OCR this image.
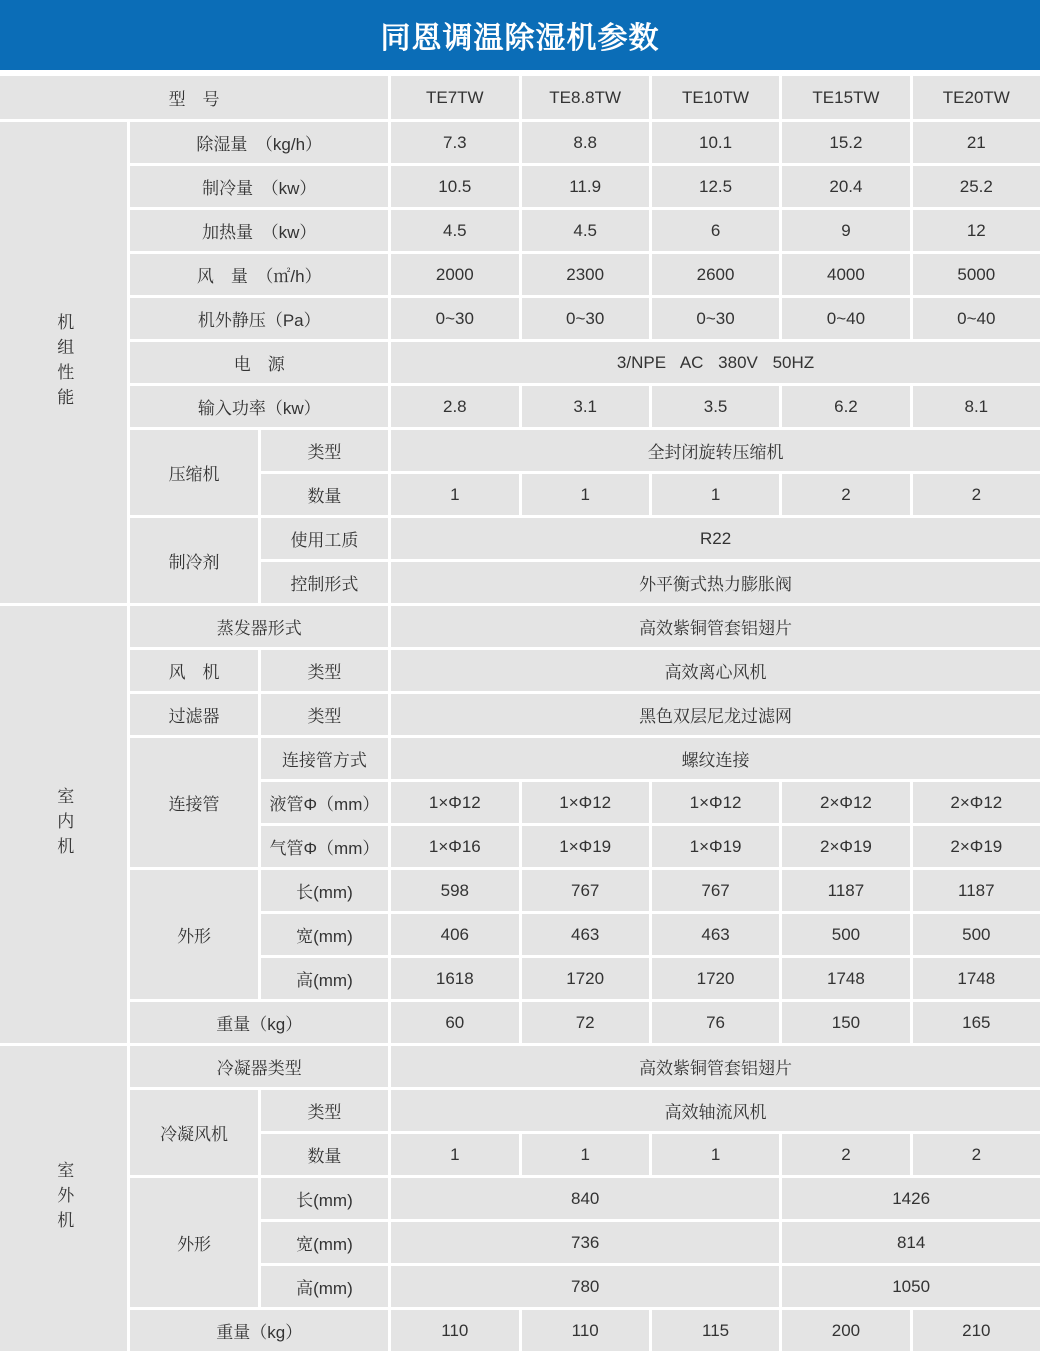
同恩调温除湿机参数
型　号			TE7TW	TE8.8TW	TE10TW	TE15TW	TE20TW

机组性能	除湿量　（kg/h）		7.3	8.8	10.1	15.2	21
	制冷量　（kw）		10.5	11.9	12.5	20.4	25.2
	加热量　（kw）		4.5	4.5	6	9	12
	风　量　（㎡/h）		2000	2300	2600	4000	5000
	机外静压（Pa）		0~30	0~30	0~30	0~40	0~40
	电　源		3/NPE AC 380V 50HZ				
	输入功率（kw）		2.8	3.1	3.5	6.2	8.1
	压缩机	类型	全封闭旋转压缩机				
		数量	1	1	1	2	2
	制冷剂	使用工质	R22				
		控制形式	外平衡式热力膨胀阀				

室内机	蒸发器形式		高效紫铜管套铝翅片				
	风　机	类型	高效离心风机				
	过滤器	类型	黑色双层尼龙过滤网				
	连接管	连接管方式	螺纹连接				
		液管Φ（mm）	1×Φ12	1×Φ12	1×Φ12	2×Φ12	2×Φ12
		气管Φ（mm）	1×Φ16	1×Φ19	1×Φ19	2×Φ19	2×Φ19
	外形	长(mm)	598	767	767	1187	1187
		宽(mm)	406	463	463	500	500
		高(mm)	1618	1720	1720	1748	1748
	重量（kg）		60	72	76	150	165

室外机	冷凝器类型		高效紫铜管套铝翅片				
	冷凝风机	类型	高效轴流风机				
		数量	1	1	1	2	2
	外形	长(mm)	840			1426	
		宽(mm)	736			814	
		高(mm)	780			1050	
	重量（kg）		110	110	115	200	210
